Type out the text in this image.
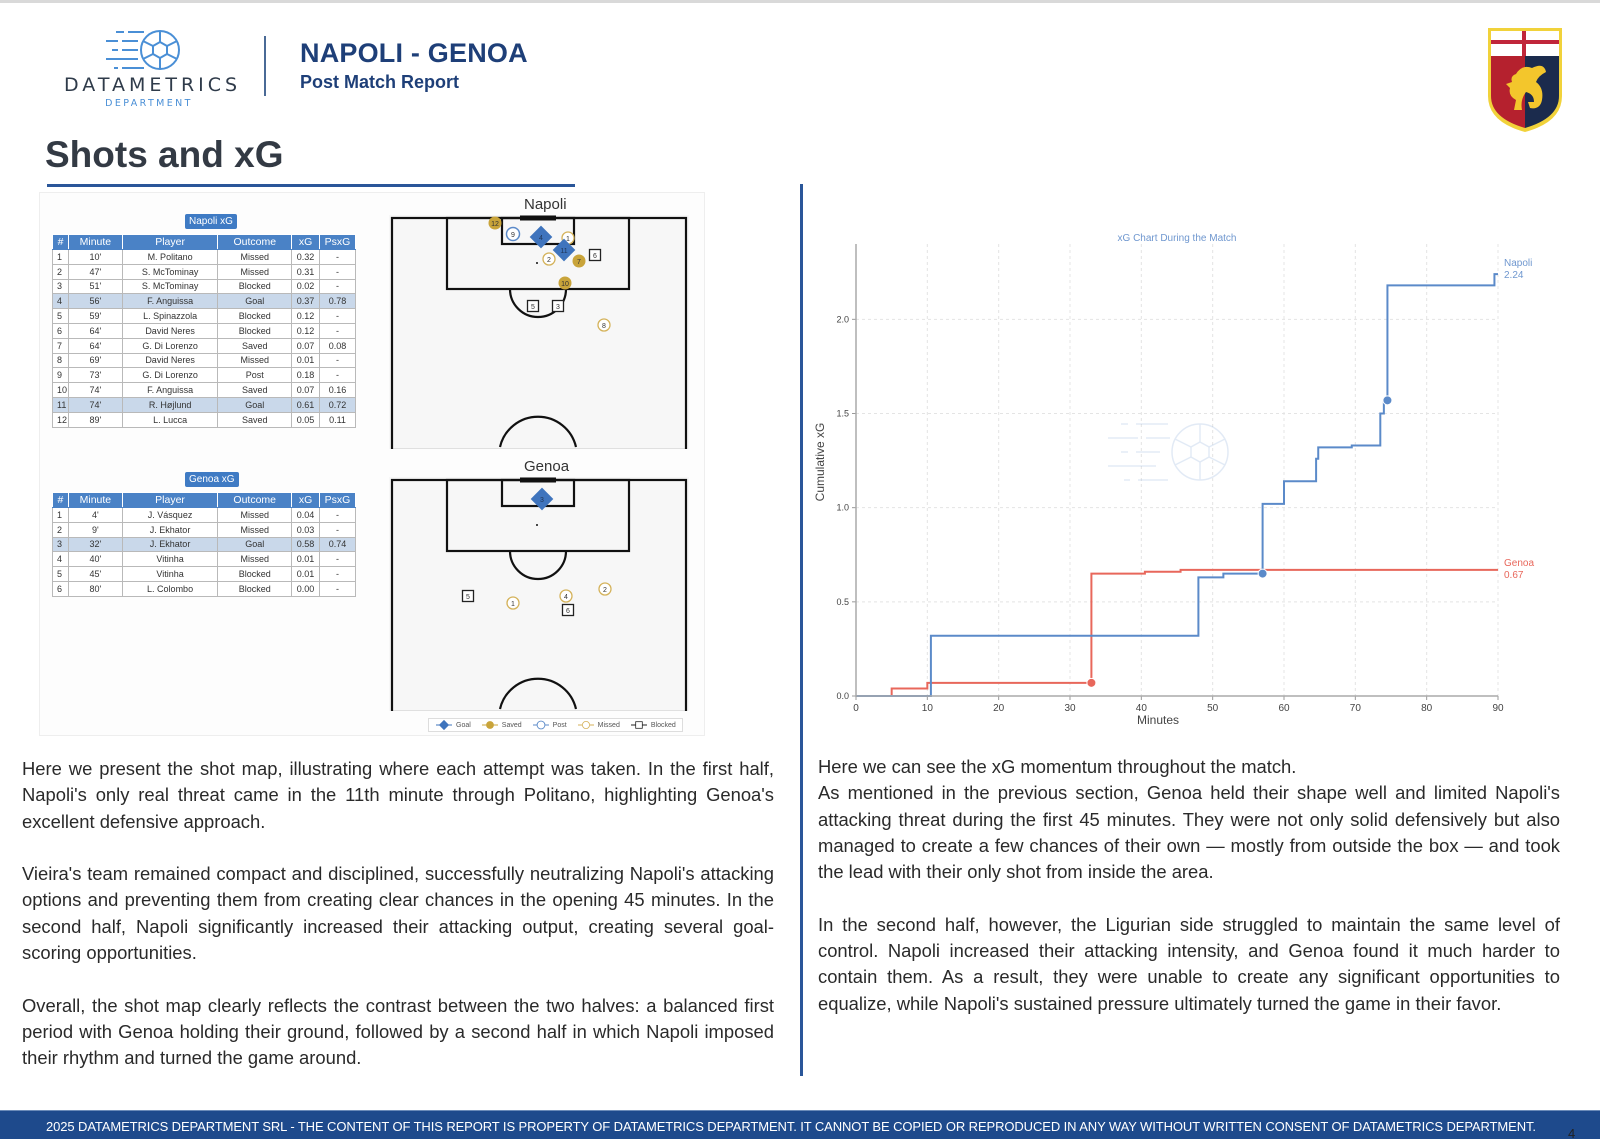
DATAMETRICS
DEPARTMENT
NAPOLI - GENOA
Post Match Report
Shots and xG
Napoli xG
#	Minute	Player	Outcome	xG	PsxG
1	10'	M. Politano	Missed	0.32	-
2	47'	S. McTominay	Missed	0.31	-
3	51'	S. McTominay	Blocked	0.02	-
4	56'	F. Anguissa	Goal	0.37	0.78
5	59'	L. Spinazzola	Blocked	0.12	-
6	64'	David Neres	Blocked	0.12	-
7	64'	G. Di Lorenzo	Saved	0.07	0.08
8	69'	David Neres	Missed	0.01	-
9	73'	G. Di Lorenzo	Post	0.18	-
10	74'	F. Anguissa	Saved	0.07	0.16
11	74'	R. Højlund	Goal	0.61	0.72
12	89'	L. Lucca	Saved	0.05	0.11
Genoa xG
#	Minute	Player	Outcome	xG	PsxG
1	4'	J. Vásquez	Missed	0.04	-
2	9'	J. Ekhator	Missed	0.03	-
3	32'	J. Ekhator	Goal	0.58	0.74
4	40'	Vitinha	Missed	0.01	-
5	45'	Vitinha	Blocked	0.01	-
6	80'	L. Colombo	Blocked	0.00	-
Napoli
12
9	4	1
2
11
6
7
10
5	3
8
Genoa
3
5
1
4
2
6
Goal	Saved	Post	Missed	Blocked
xG Chart During the Match
Minutes
Cumulative xG
0	10	20	30	40	50	60	70	80	90
0.0
0.5
1.0
1.5
2.0
Napoli
2.24
Genoa
0.67

Here we present the shot map, illustrating where each attempt was taken. In the first half, Napoli's only real threat came in the 11th minute through Politano, highlighting Genoa's excellent defensive approach.

Vieira's team remained compact and disciplined, successfully neutralizing Napoli's attacking options and preventing them from creating clear chances in the opening 45 minutes. In the second half, Napoli significantly increased their attacking output, creating several goal-scoring opportunities.

Overall, the shot map clearly reflects the contrast between the two halves: a balanced first period with Genoa holding their ground, followed by a second half in which Napoli imposed their rhythm and turned the game around.

Here we can see the xG momentum throughout the match.

As mentioned in the previous section, Genoa held their shape well and limited Napoli's attacking threat during the first 45 minutes. They were not only solid defensively but also managed to create a few chances of their own — mostly from outside the box — and took the lead with their only shot from inside the area.

In the second half, however, the Ligurian side struggled to maintain the same level of control. Napoli increased their attacking intensity, and Genoa found it much harder to contain them. As a result, they were unable to create any significant opportunities to equalize, while Napoli's sustained pressure ultimately turned the game in their favor.

2025 DATAMETRICS DEPARTMENT SRL - THE CONTENT OF THIS REPORT IS PROPERTY OF DATAMETRICS DEPARTMENT. IT CANNOT BE COPIED OR REPRODUCED IN ANY WAY WITHOUT WRITTEN CONSENT OF DATAMETRICS DEPARTMENT. 4
